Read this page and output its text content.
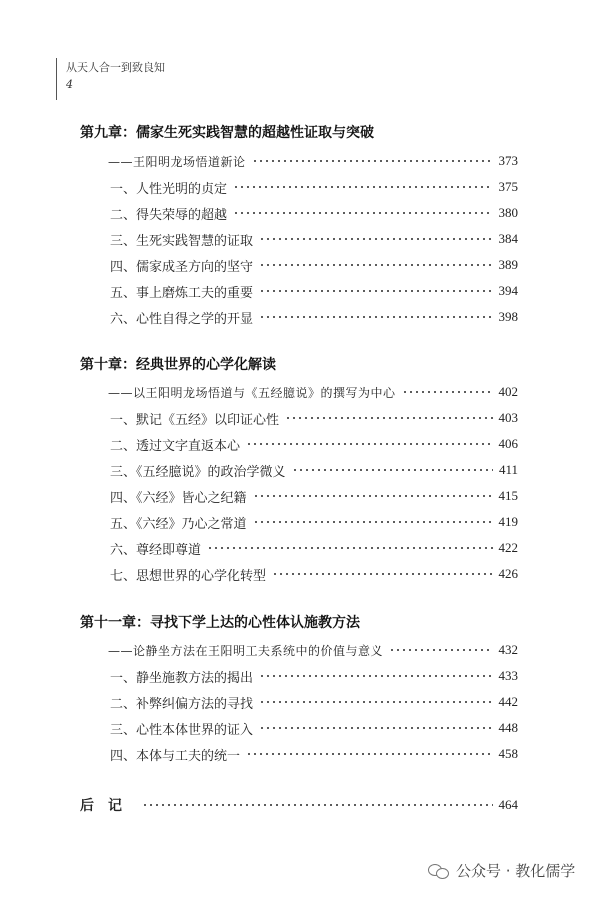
从天人合一到致良知
4
第九章：儒家生死实践智慧的超越性证取与突破
——王阳明龙场悟道新论	373
一、人性光明的贞定	375
二、得失荣辱的超越	380
三、生死实践智慧的证取	384
四、儒家成圣方向的坚守	389
五、事上磨炼工夫的重要	394
六、心性自得之学的开显	398
第十章：经典世界的心学化解读
——以王阳明龙场悟道与《五经臆说》的撰写为中心	402
一、默记《五经》以印证心性	403
二、透过文字直返本心	406
三、《五经臆说》的政治学微义	411
四、《六经》皆心之纪籍	415
五、《六经》乃心之常道	419
六、尊经即尊道	422
七、思想世界的心学化转型	426
第十一章：寻找下学上达的心性体认施教方法
——论静坐方法在王阳明工夫系统中的价值与意义	432
一、静坐施教方法的揭出	433
二、补弊纠偏方法的寻找	442
三、心性本体世界的证入	448
四、本体与工夫的统一	458
后记	464
公众号 · 教化儒学
